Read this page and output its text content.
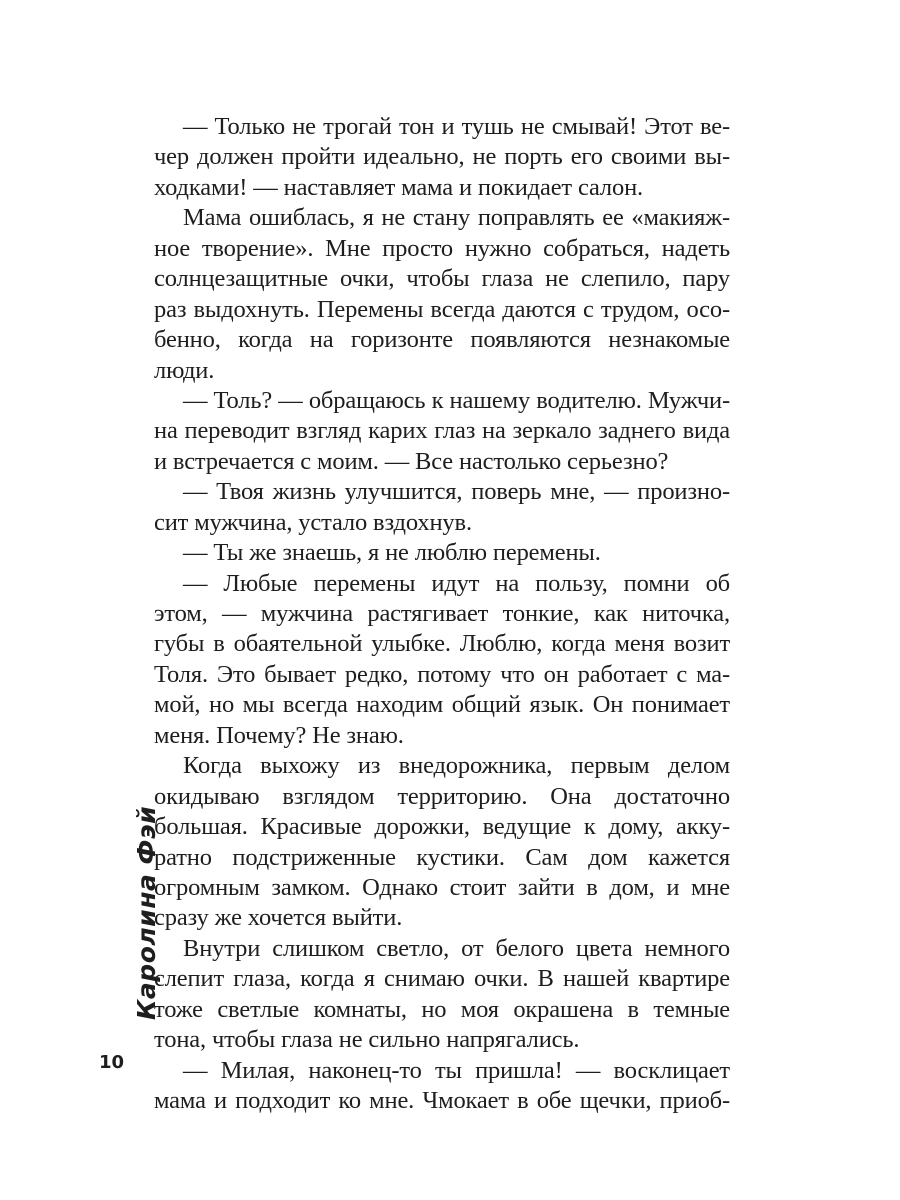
— Только не трогай тон и тушь не смывай! Этот ве-
чер должен пройти идеально, не порть его своими вы-
ходками! — наставляет мама и покидает салон.
Мама ошиблась, я не стану поправлять ее «макияж-
ное творение». Мне просто нужно собраться, надеть
солнцезащитные очки, чтобы глаза не слепило, пару
раз выдохнуть. Перемены всегда даются с трудом, осо-
бенно, когда на горизонте появляются незнакомые
люди.
— Толь? — обращаюсь к нашему водителю. Мужчи-
на переводит взгляд карих глаз на зеркало заднего вида
и встречается с моим. — Все настолько серьезно?
— Твоя жизнь улучшится, поверь мне, — произно-
сит мужчина, устало вздохнув.
— Ты же знаешь, я не люблю перемены.
— Любые перемены идут на пользу, помни об
этом, — мужчина растягивает тонкие, как ниточка,
губы в обаятельной улыбке. Люблю, когда меня возит
Толя. Это бывает редко, потому что он работает с ма-
мой, но мы всегда находим общий язык. Он понимает
меня. Почему? Не знаю.
Когда выхожу из внедорожника, первым делом
окидываю взглядом территорию. Она достаточно
большая. Красивые дорожки, ведущие к дому, акку-
ратно подстриженные кустики. Сам дом кажется
огромным замком. Однако стоит зайти в дом, и мне
сразу же хочется выйти.
Внутри слишком светло, от белого цвета немного
слепит глаза, когда я снимаю очки. В нашей квартире
тоже светлые комнаты, но моя окрашена в темные
тона, чтобы глаза не сильно напрягались.
— Милая, наконец-то ты пришла! — восклицает
мама и подходит ко мне. Чмокает в обе щечки, приоб-
Каролина Фэй
10
